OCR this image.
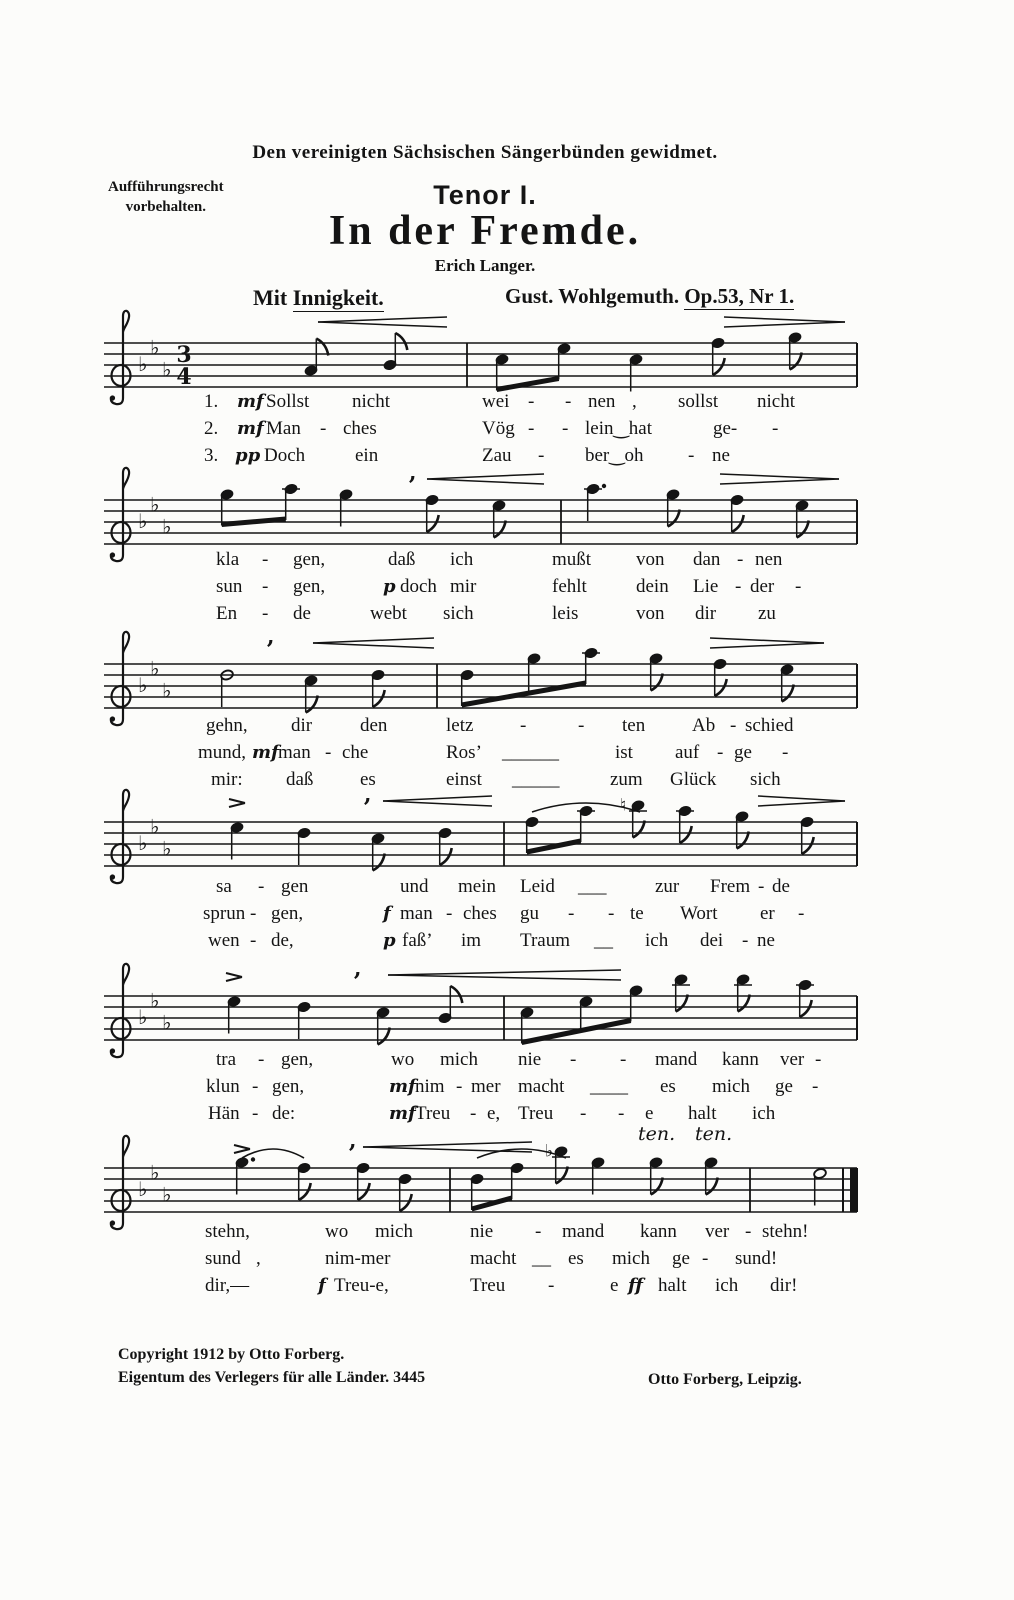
Den vereinigten Sächsischen Sängerbünden gewidmet.
Aufführungsrecht
vorbehalten.	Tenor I.
In der Fremde.
Erich Langer.
Mit Innigkeit.	Gust. Wohlgemuth. Op.53, Nr 1.
♭
♭
♭
3
4
♭
♭
♭
’
♭
♭
♭
’
♭
♭
♭
’	♮
♭
♭
♭
’
♭
♭
♭
’	♭
ten. ten.
Copyright 1912 by Otto Forberg.
Eigentum des Verlegers für alle Länder. 3445	Otto Forberg, Leipzig.
1. mf Sollst nicht	wei - - nen , sollst nicht
2. mf Man - ches	Vög - - lein‿hat	ge- -
3. pp Doch	ein	Zau - ber‿oh - ne
kla - gen,	daß ich	mußt von dan - nen
sun - gen,	p doch mir	fehlt	dein Lie - der -
En - de	webt sich	leis	von dir zu
gehn, dir	den	letz -	- ten Ab - schied
mund, mf man - che	Ros’ ______	ist auf - ge -
mir: daß es	einst _____	zum Glück sich
sa - gen	und mein Leid ___	zur Frem - de
sprun - gen,	f man - ches gu - - te Wort er -
wen - de,	p faß’ im Traum __ ich dei - ne
tra - gen,	wo mich nie - - mand kann ver -
klun - gen,	mf nim - mer macht ____ es mich ge -
Hän - de:	mf Treu - e, Treu - - e halt ich
stehn,	wo mich	nie - mand kann ver - stehn!
sund ,	nim-mer	macht __ es mich ge - sund!
dir,—	f Treu-e,	Treu -	e ff halt ich dir!
